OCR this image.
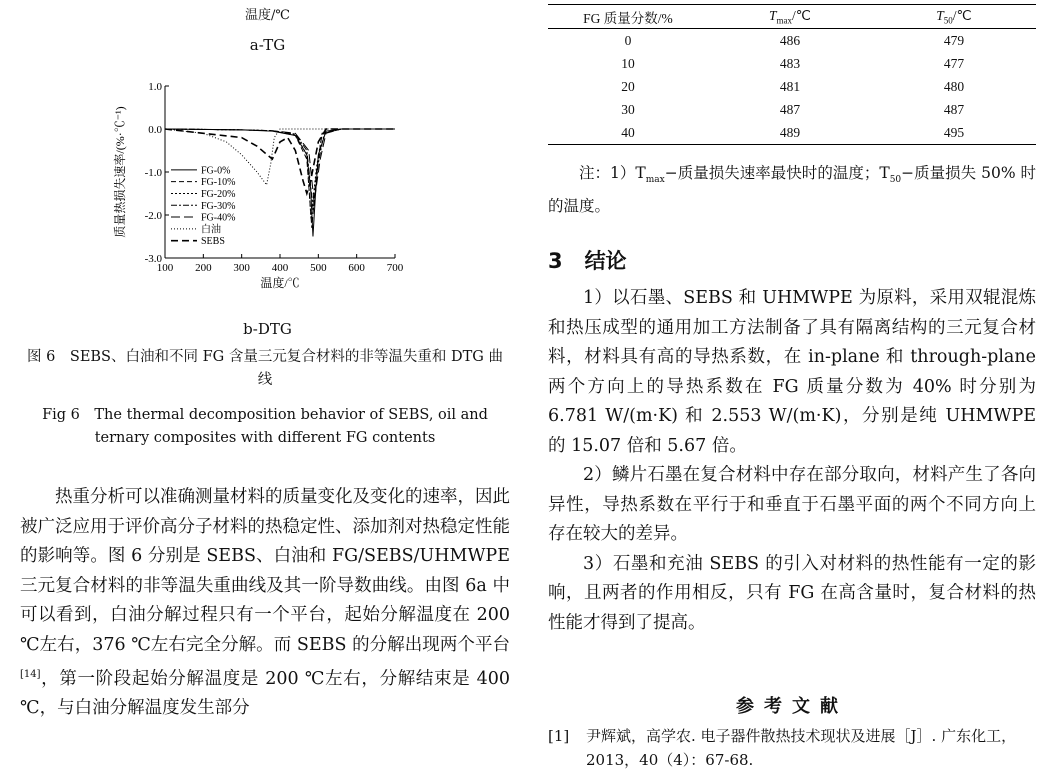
温度/℃
a-TG
100 200 300 400 500 600 700
1.0
0.0
-1.0
-2.0
-3.0
温度/℃
质量热损失速率/(%·℃⁻¹)	FG-0%
FG-10%
FG-20%
FG-30%
FG-40%
白油
SEBS
b-DTG
图 6　SEBS、白油和不同 FG 含量三元复合材料的非等温失重和 DTG 曲线
Fig 6　The thermal decomposition behavior of SEBS, oil and ternary composites with different FG contents

热重分析可以准确测量材料的质量变化及变化的速率，因此被广泛应用于评价高分子材料的热稳定性、添加剂对热稳定性能的影响等。图 6 分别是 SEBS、白油和 FG/SEBS/UHMWPE 三元复合材料的非等温失重曲线及其一阶导数曲线。由图 6a 中可以看到，白油分解过程只有一个平台，起始分解温度在 200 ℃左右，376 ℃左右完全分解。而 SEBS 的分解出现两个平台[14]，第一阶段起始分解温度是 200 ℃左右，分解结束是 400 ℃，与白油分解温度发生部分

FG 质量分数/%	$T_{max}/℃$	$T_{50}/℃$
0	486	479
10	483	477
20	481	480
30	487	487
40	489	495
注：$1)T_{max}-$质量损失速率最快时的温度；$T_{50}-$质量损失 50% 时的温度。
3 结论

1）以石墨、SEBS 和 UHMWPE 为原料，采用双辊混炼和热压成型的通用加工方法制备了具有隔离结构的三元复合材料，材料具有高的导热系数，在 in-plane 和 through-plane 两个方向上的导热系数在 FG 质量分数为 40% 时分别为 6.781 W/(m·K) 和 2.553 W/(m·K)，分别是纯 UHMWPE 的 15.07 倍和 5.67 倍。

2）鳞片石墨在复合材料中存在部分取向，材料产生了各向异性，导热系数在平行于和垂直于石墨平面的两个不同方向上存在较大的差异。

3）石墨和充油 SEBS 的引入对材料的热性能有一定的影响，且两者的作用相反，只有 FG 在高含量时，复合材料的热性能才得到了提高。

参考文献
[1]	尹辉斌，高学农. 电子器件散热技术现状及进展［J］. 广东化工，2013，40（4）：67-68.
